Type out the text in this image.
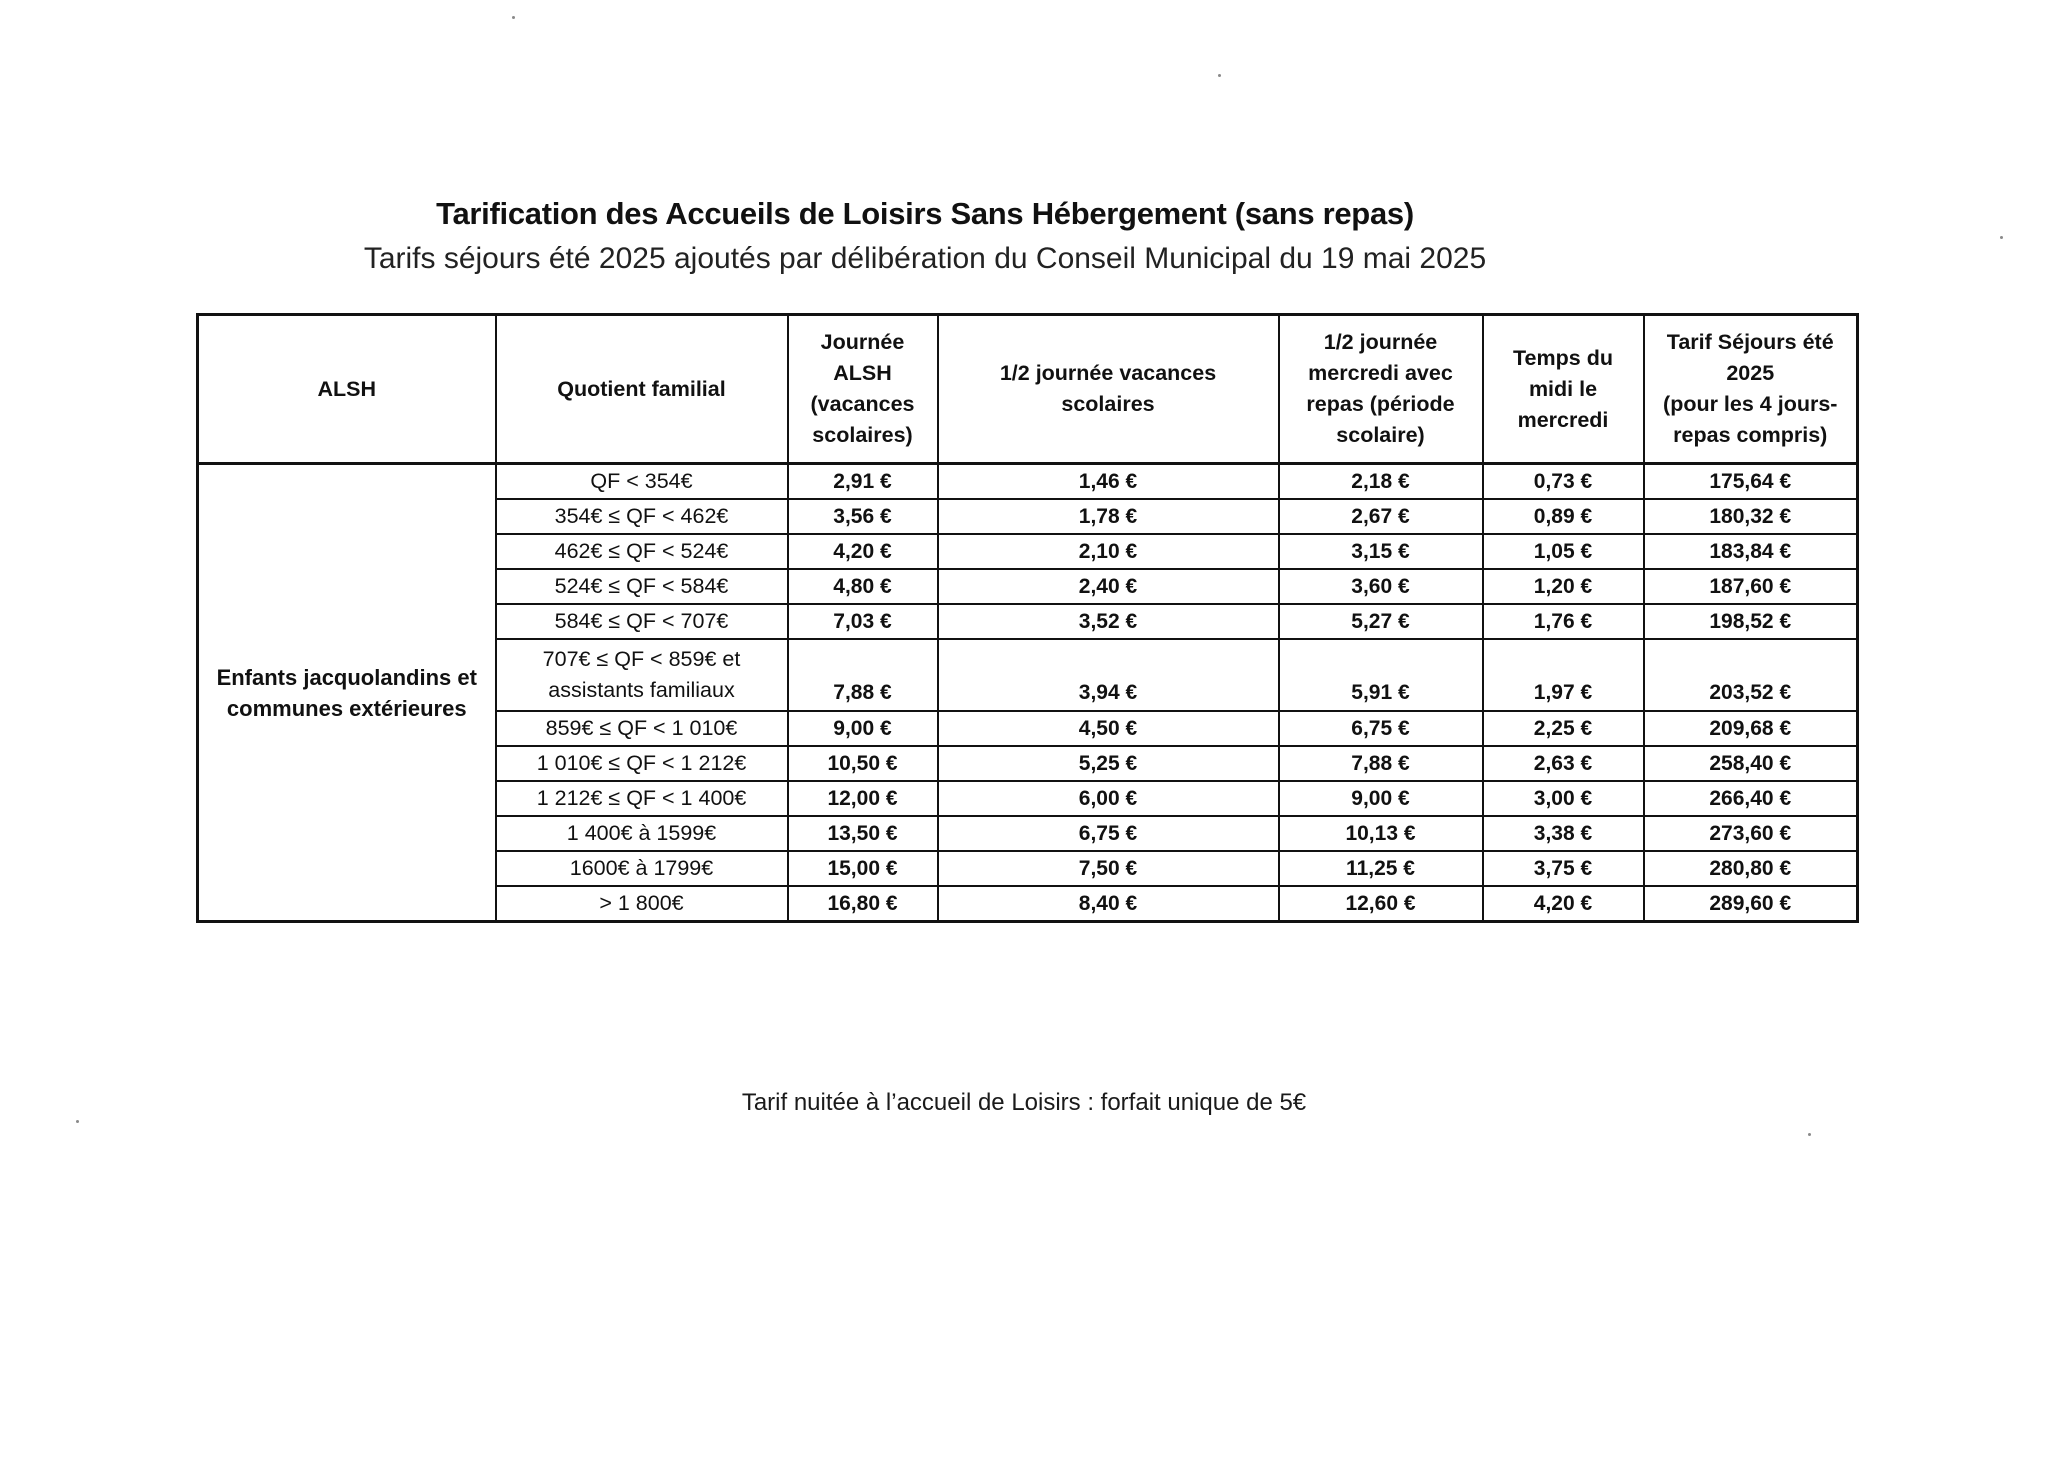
Tarification des Accueils de Loisirs Sans Hébergement (sans repas)
Tarifs séjours été 2025 ajoutés par délibération du Conseil Municipal du 19 mai 2025
ALSH	Quotient familial	Journée
ALSH
(vacances
scolaires)	1/2 journée vacances
scolaires	1/2 journée
mercredi avec
repas (période
scolaire)	Temps du
midi le
mercredi	Tarif Séjours été
2025
(pour les 4 jours-
repas compris)
Enfants jacquolandins et
communes extérieures	QF < 354€	2,91 €	1,46 €	2,18 €	0,73 €	175,64 €
	354€ ≤ QF < 462€	3,56 €	1,78 €	2,67 €	0,89 €	180,32 €
	462€ ≤ QF < 524€	4,20 €	2,10 €	3,15 €	1,05 €	183,84 €
	524€ ≤ QF < 584€	4,80 €	2,40 €	3,60 €	1,20 €	187,60 €
	584€ ≤ QF < 707€	7,03 €	3,52 €	5,27 €	1,76 €	198,52 €
	707€ ≤ QF < 859€ et
assistants familiaux	7,88 €	3,94 €	5,91 €	1,97 €	203,52 €
	859€ ≤ QF < 1 010€	9,00 €	4,50 €	6,75 €	2,25 €	209,68 €
	1 010€ ≤ QF < 1 212€	10,50 €	5,25 €	7,88 €	2,63 €	258,40 €
	1 212€ ≤ QF < 1 400€	12,00 €	6,00 €	9,00 €	3,00 €	266,40 €
	1 400€ à 1599€	13,50 €	6,75 €	10,13 €	3,38 €	273,60 €
	1600€ à 1799€	15,00 €	7,50 €	11,25 €	3,75 €	280,80 €
	> 1 800€	16,80 €	8,40 €	12,60 €	4,20 €	289,60 €
Tarif nuitée à l’accueil de Loisirs : forfait unique de 5€
